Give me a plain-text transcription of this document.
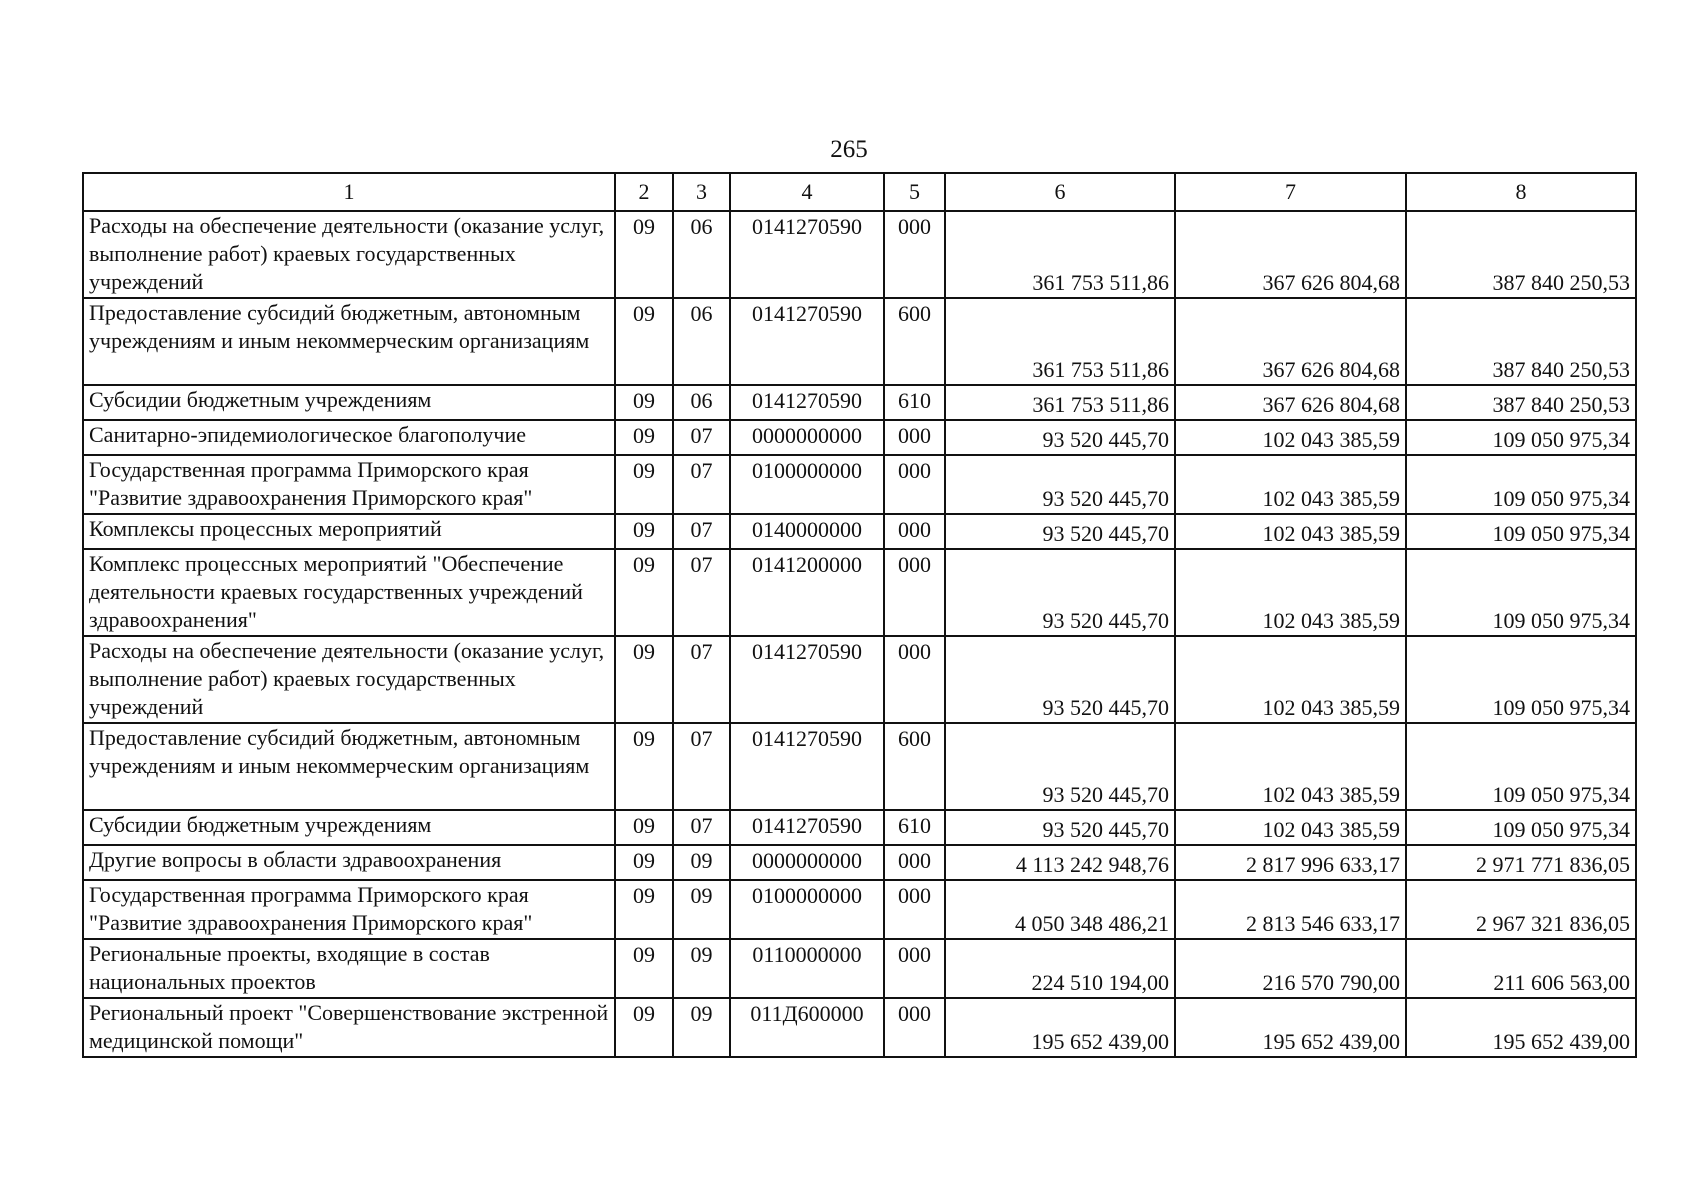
265
1	2	3	4	5	6	7	8
Расходы на обеспечение деятельности (оказание услуг, выполнение работ) краевых государственных учреждений	09	06	0141270590	000	361 753 511,86	367 626 804,68	387 840 250,53
Предоставление субсидий бюджетным, автономным учреждениям и иным некоммерческим организациям	09	06	0141270590	600	361 753 511,86	367 626 804,68	387 840 250,53
Субсидии бюджетным учреждениям	09	06	0141270590	610	361 753 511,86	367 626 804,68	387 840 250,53
Санитарно-эпидемиологическое благополучие	09	07	0000000000	000	93 520 445,70	102 043 385,59	109 050 975,34
Государственная программа Приморского края "Развитие здравоохранения Приморского края"	09	07	0100000000	000	93 520 445,70	102 043 385,59	109 050 975,34
Комплексы процессных мероприятий	09	07	0140000000	000	93 520 445,70	102 043 385,59	109 050 975,34
Комплекс процессных мероприятий "Обеспечение деятельности краевых государственных учреждений здравоохранения"	09	07	0141200000	000	93 520 445,70	102 043 385,59	109 050 975,34
Расходы на обеспечение деятельности (оказание услуг, выполнение работ) краевых государственных учреждений	09	07	0141270590	000	93 520 445,70	102 043 385,59	109 050 975,34
Предоставление субсидий бюджетным, автономным учреждениям и иным некоммерческим организациям	09	07	0141270590	600	93 520 445,70	102 043 385,59	109 050 975,34
Субсидии бюджетным учреждениям	09	07	0141270590	610	93 520 445,70	102 043 385,59	109 050 975,34
Другие вопросы в области здравоохранения	09	09	0000000000	000	4 113 242 948,76	2 817 996 633,17	2 971 771 836,05
Государственная программа Приморского края "Развитие здравоохранения Приморского края"	09	09	0100000000	000	4 050 348 486,21	2 813 546 633,17	2 967 321 836,05
Региональные проекты, входящие в состав национальных проектов	09	09	0110000000	000	224 510 194,00	216 570 790,00	211 606 563,00
Региональный проект "Совершенствование экстренной медицинской помощи"	09	09	011Д600000	000	195 652 439,00	195 652 439,00	195 652 439,00
